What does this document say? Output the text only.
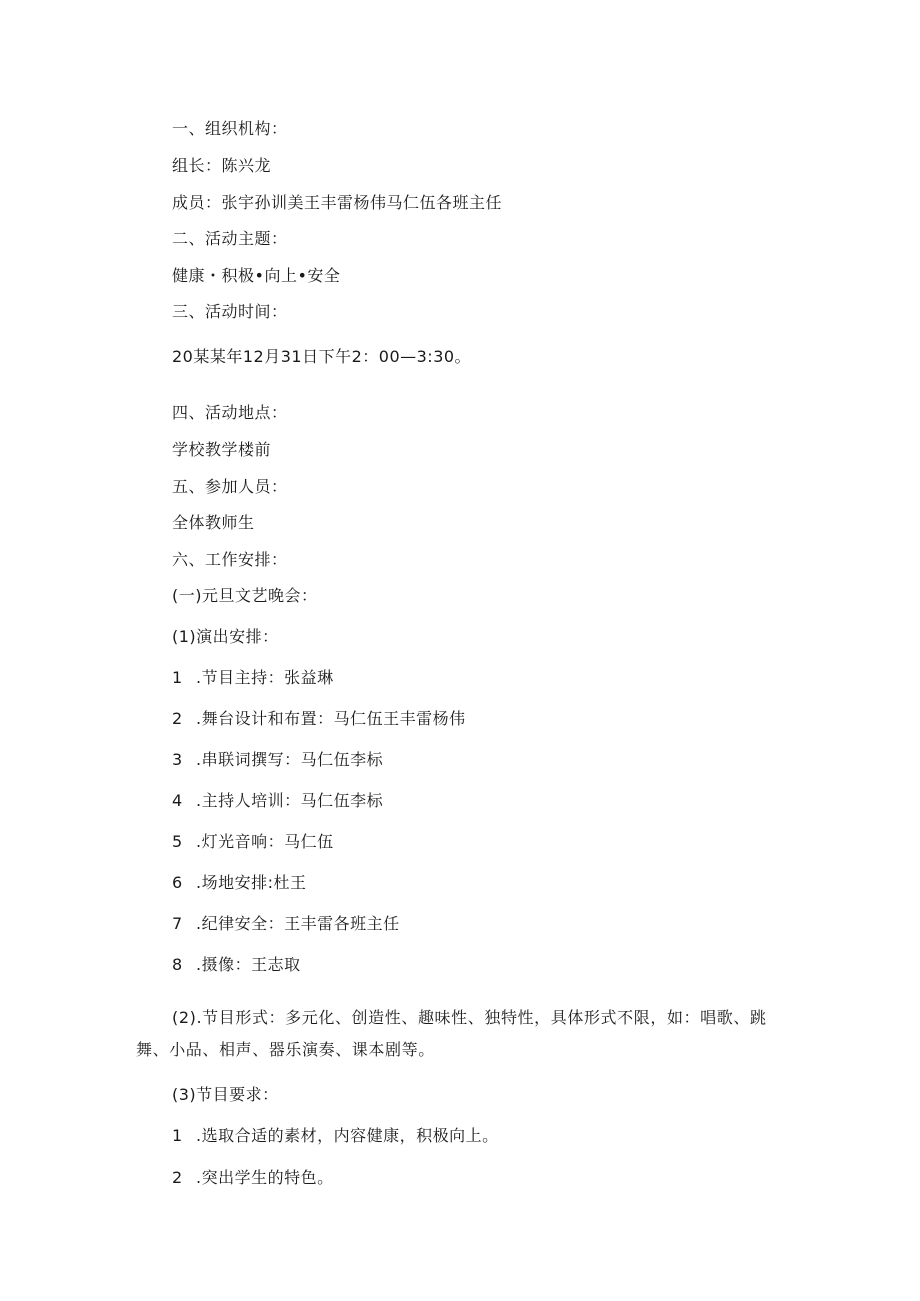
一、组织机构：
组长：陈兴龙
成员：张宇孙训美王丰雷杨伟马仁伍各班主任
二、活动主题：
健康・积极•向上•安全
三、活动时间：
20某某年12月31日下午2：00—3:30。
四、活动地点：
学校教学楼前
五、参加人员：
全体教师生
六、工作安排：
(一)元旦文艺晚会：
(1)演出安排：
1 .节目主持：张益琳
2 .舞台设计和布置：马仁伍王丰雷杨伟
3 .串联词撰写：马仁伍李标
4 .主持人培训：马仁伍李标
5 .灯光音响：马仁伍
6 .场地安排:杜王
7 .纪律安全：王丰雷各班主任
8 .摄像：王志取
(2).节目形式：多元化、创造性、趣味性、独特性，具体形式不限，如：唱歌、跳舞、小品、相声、器乐演奏、课本剧等。
(3)节目要求：
1 .选取合适的素材，内容健康，积极向上。
2 .突出学生的特色。
